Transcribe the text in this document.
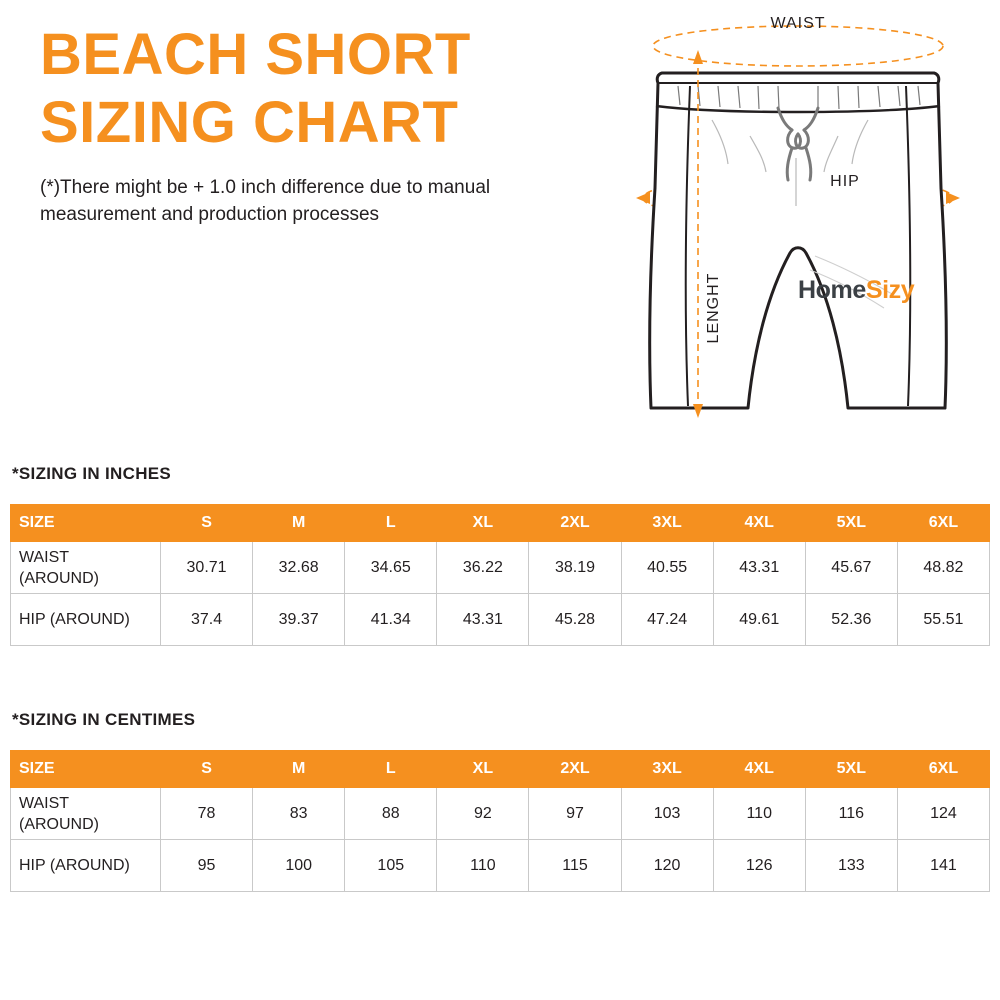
BEACH SHORT
SIZING CHART
(*)There might be + 1.0 inch difference due to manual measurement and production processes
WAIST
HIP
LENGHT	HomeSizy
*SIZING IN INCHES
SIZE	S	M	L	XL	2XL	3XL	4XL	5XL	6XL

WAIST
(AROUND)	30.71	32.68	34.65	36.22	38.19	40.55	43.31	45.67	48.82

HIP (AROUND)	37.4	39.37	41.34	43.31	45.28	47.24	49.61	52.36	55.51
*SIZING IN CENTIMES
SIZE	S	M	L	XL	2XL	3XL	4XL	5XL	6XL

WAIST
(AROUND)	78	83	88	92	97	103	110	116	124

HIP (AROUND)	95	100	105	110	115	120	126	133	141
